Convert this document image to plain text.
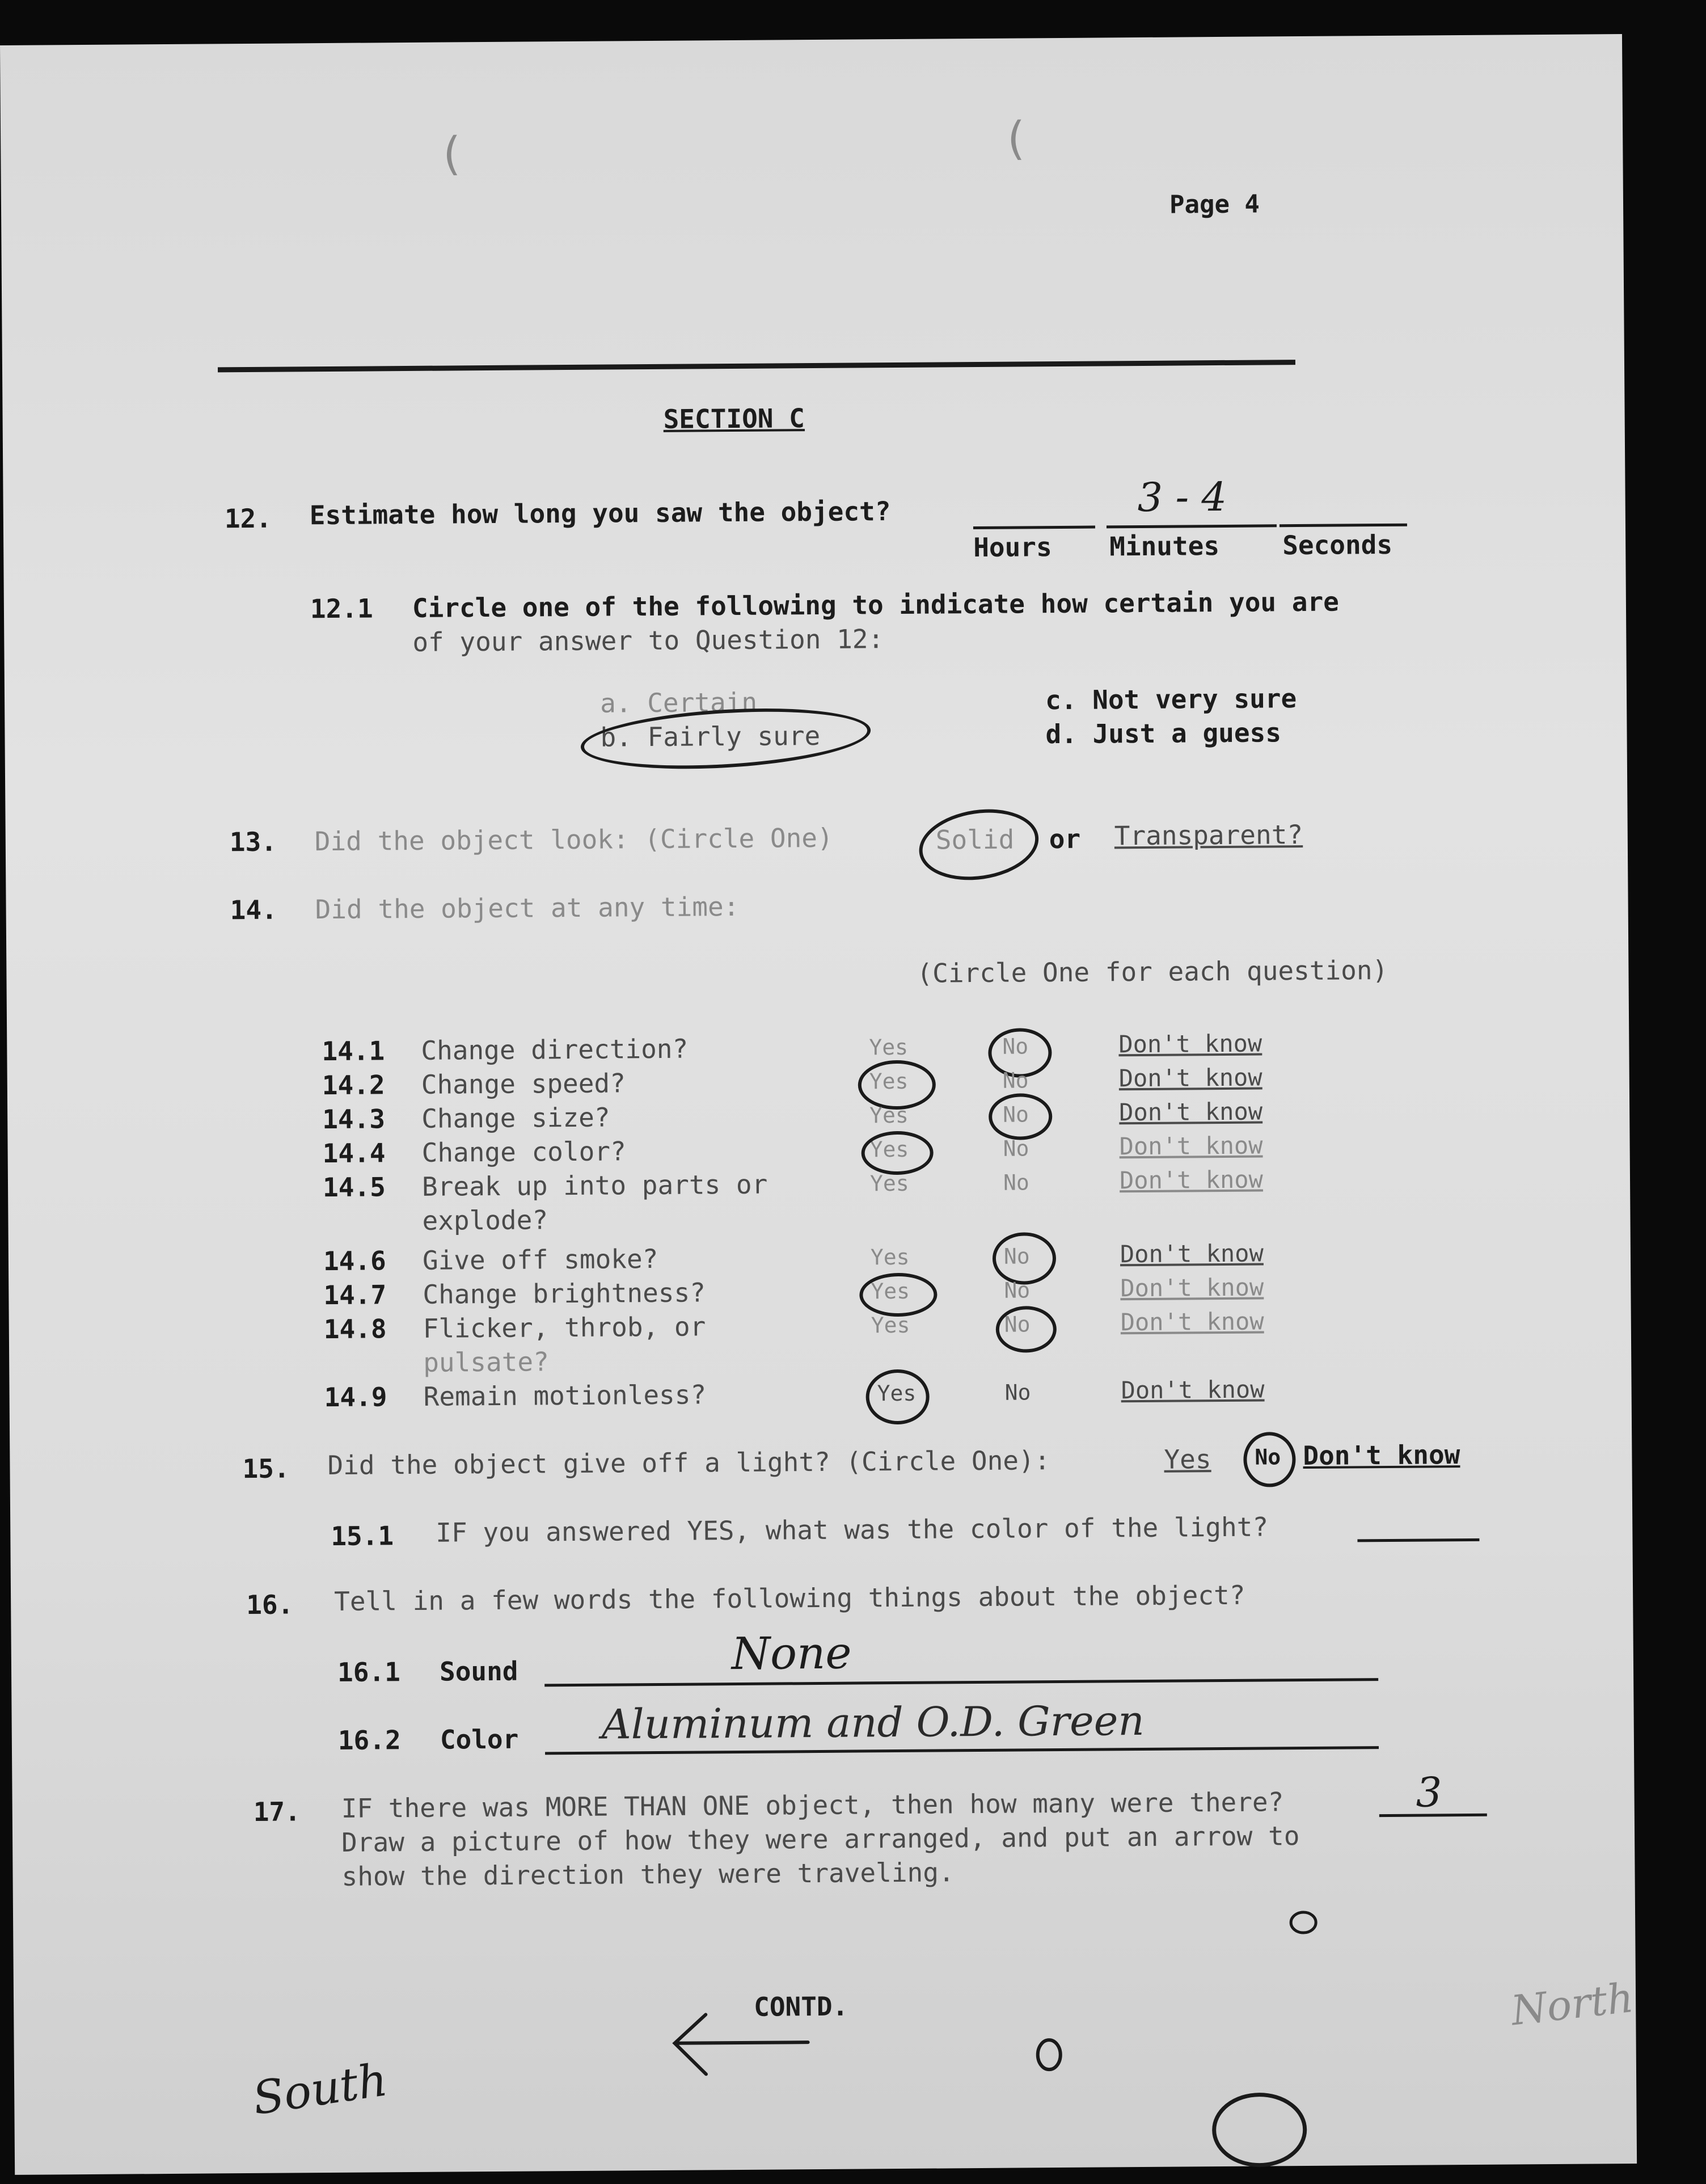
(	(
Page 4
SECTION C
12. Estimate how long you saw the object?	3 - 4
Hours Minutes Seconds
12.1 Circle one of the following to indicate how certain you are
of your answer to Question 12:
a. Certain
b. Fairly sure
c. Not very sure
d. Just a guess
13. Did the object look: (Circle One)	Solid or Transparent?
14. Did the object at any time:
(Circle One for each question)
14.1 Change direction?	Yes	No	Don't know
14.2 Change speed?	Yes	No	Don't know
14.3 Change size?	Yes	No	Don't know
14.4 Change color?	Yes	No	Don't know
14.5 Break up into parts or
explode?
Yes	No	Don't know
14.6 Give off smoke?	Yes	No	Don't know
14.7 Change brightness?	Yes	No	Don't know
14.8 Flicker, throb, or
pulsate?
Yes	No	Don't know
14.9 Remain motionless?	Yes	No	Don't know
15. Did the object give off a light? (Circle One):	Yes No Don't know
15.1 IF you answered YES, what was the color of the light?
16. Tell in a few words the following things about the object?
16.1 Sound	None
16.2 Color Aluminum and O.D. Green
17. IF there was MORE THAN ONE object, then how many were there?	3
Draw a picture of how they were arranged, and put an arrow to
show the direction they were traveling.
CONTD.
South
North
